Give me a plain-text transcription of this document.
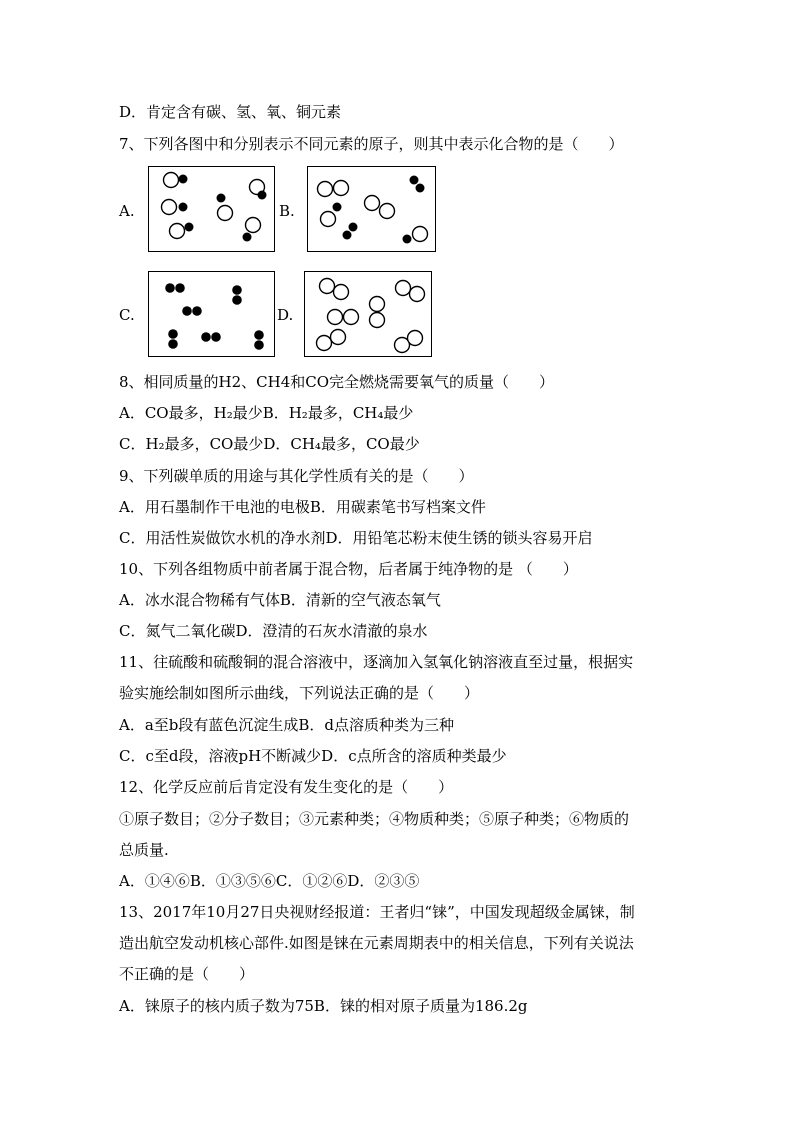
D．肯定含有碳、氢、氧、铜元素
7、下列各图中和分别表示不同元素的原子，则其中表示化合物的是（　　）
A.	B.
C.	D.
8、相同质量的H2、CH4和CO完全燃烧需要氧气的质量（　　）
A．CO最多，H₂最少B．H₂最多，CH₄最少
C．H₂最多，CO最少D．CH₄最多，CO最少
9、下列碳单质的用途与其化学性质有关的是（　　）
A．用石墨制作干电池的电极B．用碳素笔书写档案文件
C．用活性炭做饮水机的净水剂D．用铅笔芯粉末使生锈的锁头容易开启
10、下列各组物质中前者属于混合物，后者属于纯净物的是 （　　）
A．冰水混合物稀有气体B．清新的空气液态氧气
C．氮气二氧化碳D．澄清的石灰水清澈的泉水
11、往硫酸和硫酸铜的混合溶液中，逐滴加入氢氧化钠溶液直至过量，根据实
验实施绘制如图所示曲线，下列说法正确的是（　　）
A．a至b段有蓝色沉淀生成B．d点溶质种类为三种
C．c至d段，溶液pH不断减少D．c点所含的溶质种类最少
12、化学反应前后肯定没有发生变化的是（　　）
①原子数目；②分子数目；③元素种类；④物质种类；⑤原子种类；⑥物质的
总质量.
A．①④⑥B．①③⑤⑥C．①②⑥D．②③⑤
13、2017年10月27日央视财经报道：王者归“铼”，中国发现超级金属铼，制
造出航空发动机核心部件.如图是铼在元素周期表中的相关信息，下列有关说法
不正确的是（　　）
A．铼原子的核内质子数为75B．铼的相对原子质量为186.2g
